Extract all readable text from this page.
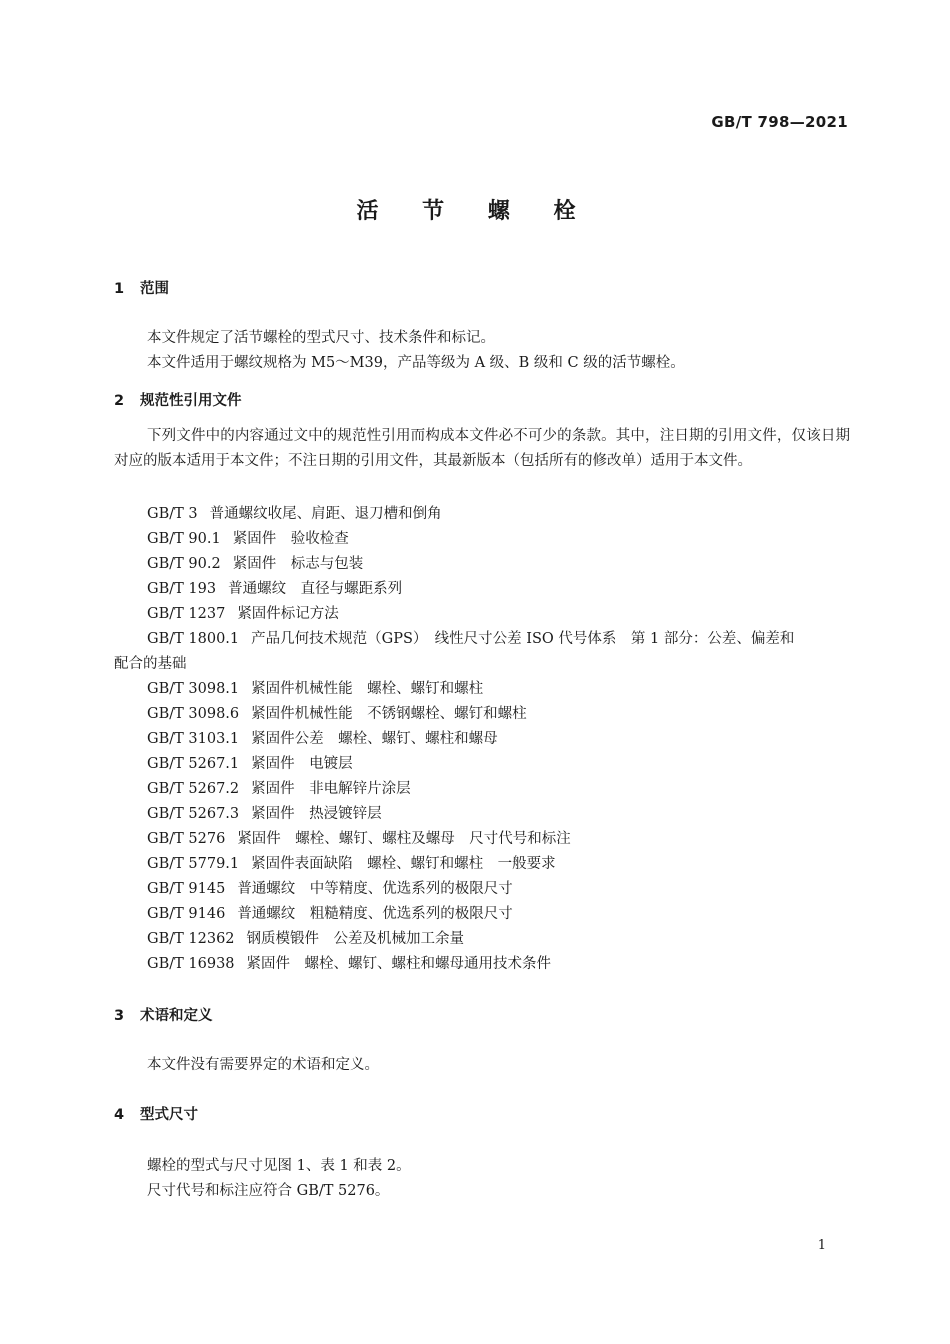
GB/T 798—2021
活 节 螺 栓
1 范围
本文件规定了活节螺栓的型式尺寸、技术条件和标记。
本文件适用于螺纹规格为 M5～M39，产品等级为 A 级、B 级和 C 级的活节螺栓。
2 规范性引用文件
下列文件中的内容通过文中的规范性引用而构成本文件必不可少的条款。其中，注日期的引用文件，仅该日期对应的版本适用于本文件；不注日期的引用文件，其最新版本（包括所有的修改单）适用于本文件。
GB/T 3 普通螺纹收尾、肩距、退刀槽和倒角
GB/T 90.1 紧固件　验收检查
GB/T 90.2 紧固件　标志与包装
GB/T 193 普通螺纹　直径与螺距系列
GB/T 1237 紧固件标记方法
GB/T 1800.1 产品几何技术规范（GPS）　线性尺寸公差 ISO 代号体系　第 1 部分：公差、偏差和
配合的基础
GB/T 3098.1 紧固件机械性能　螺栓、螺钉和螺柱
GB/T 3098.6 紧固件机械性能　不锈钢螺栓、螺钉和螺柱
GB/T 3103.1 紧固件公差　螺栓、螺钉、螺柱和螺母
GB/T 5267.1 紧固件　电镀层
GB/T 5267.2 紧固件　非电解锌片涂层
GB/T 5267.3 紧固件　热浸镀锌层
GB/T 5276 紧固件　螺栓、螺钉、螺柱及螺母　尺寸代号和标注
GB/T 5779.1 紧固件表面缺陷　螺栓、螺钉和螺柱　一般要求
GB/T 9145 普通螺纹　中等精度、优选系列的极限尺寸
GB/T 9146 普通螺纹　粗糙精度、优选系列的极限尺寸
GB/T 12362 钢质模锻件　公差及机械加工余量
GB/T 16938 紧固件　螺栓、螺钉、螺柱和螺母通用技术条件
3 术语和定义
本文件没有需要界定的术语和定义。
4 型式尺寸
螺栓的型式与尺寸见图 1、表 1 和表 2。
尺寸代号和标注应符合 GB/T 5276。
1
